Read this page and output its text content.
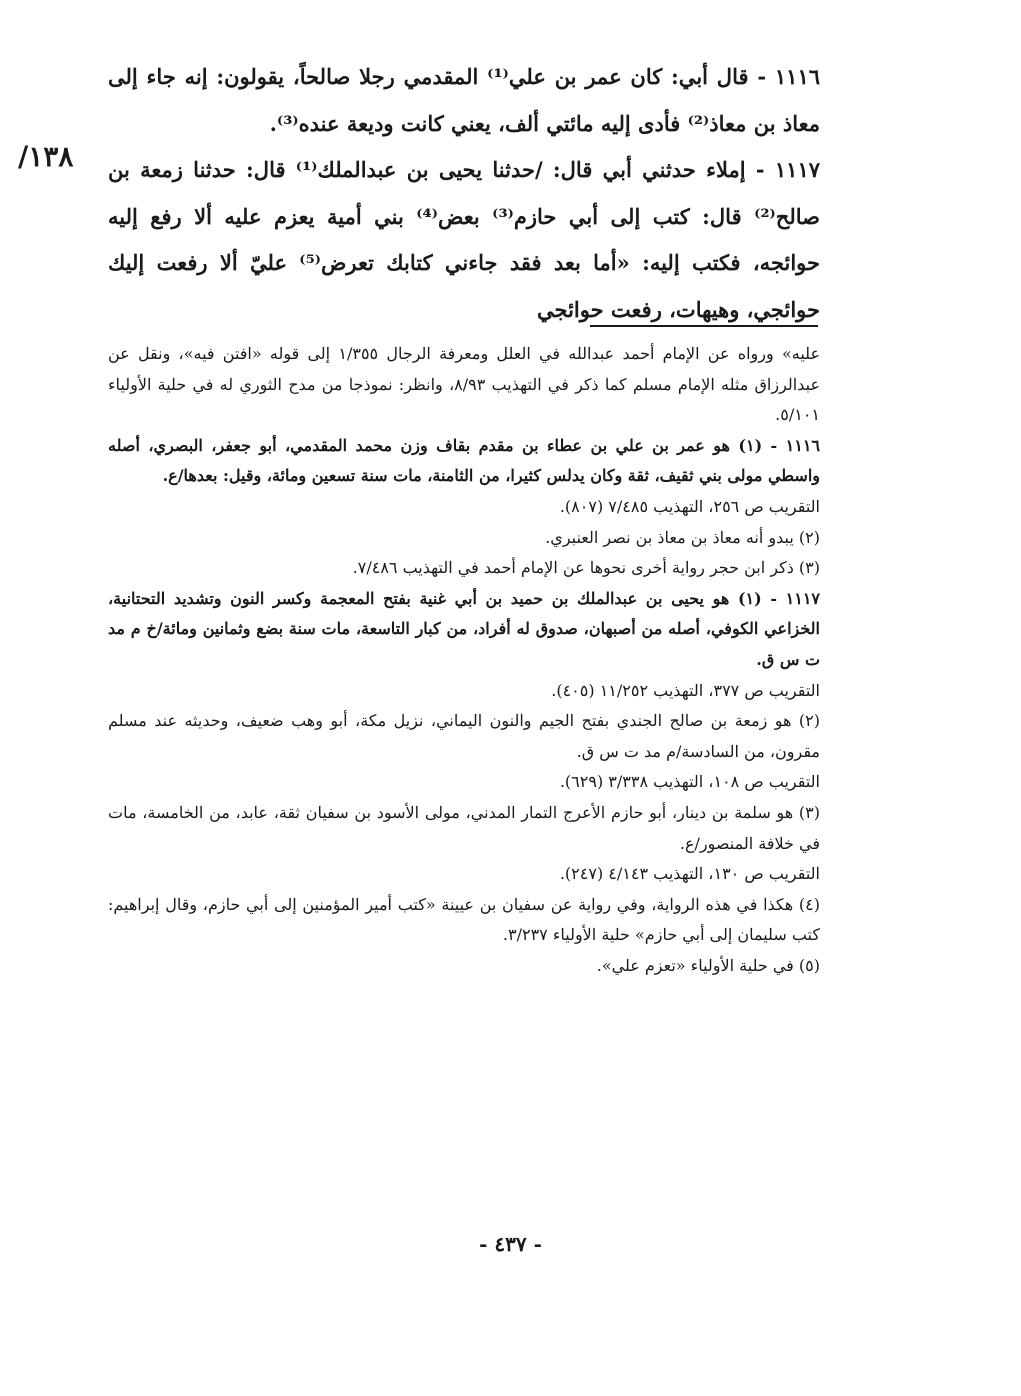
١٣٨/

١١١٦ - قال أبي: كان عمر بن علي⁽¹⁾ المقدمي رجلا صالحاً، يقولون: إنه جاء إلى معاذ بن معاذ⁽²⁾ فأدى إليه مائتي ألف، يعني كانت وديعة عنده⁽³⁾.

١١١٧ - إملاء حدثني أبي قال: /حدثنا يحيى بن عبدالملك⁽¹⁾ قال: حدثنا زمعة بن صالح⁽²⁾ قال: كتب إلى أبي حازم⁽³⁾ بعض⁽⁴⁾ بني أمية يعزم عليه ألا رفع إليه حوائجه، فكتب إليه: «أما بعد فقد جاءني كتابك تعرض⁽⁵⁾ عليّ ألا رفعت إليك حوائجي، وهيهات، رفعت حوائجي

عليه» ورواه عن الإمام أحمد عبدالله في العلل ومعرفة الرجال ١/٣٥٥ إلى قوله «افتن فيه»، ونقل عن عبدالرزاق مثله الإمام مسلم كما ذكر في التهذيب ٨/٩٣، وانظر: نموذجا من مدح الثوري له في حلية الأولياء ٥/١٠١.

١١١٦ - (١) هو عمر بن علي بن عطاء بن مقدم بقاف وزن محمد المقدمي، أبو جعفر، البصري، أصله واسطي مولى بني ثقيف، ثقة وكان يدلس كثيرا، من الثامنة، مات سنة تسعين ومائة، وقيل: بعدها/ع.

التقريب ص ٢٥٦، التهذيب ٧/٤٨٥ (٨٠٧).

(٢) يبدو أنه معاذ بن معاذ بن نصر العنبري.

(٣) ذكر ابن حجر رواية أخرى نحوها عن الإمام أحمد في التهذيب ٧/٤٨٦.

١١١٧ - (١) هو يحيى بن عبدالملك بن حميد بن أبي غنية بفتح المعجمة وكسر النون وتشديد التحتانية، الخزاعي الكوفي، أصله من أصبهان، صدوق له أفراد، من كبار التاسعة، مات سنة بضع وثمانين ومائة/خ م مد ت س ق.

التقريب ص ٣٧٧، التهذيب ١١/٢٥٢ (٤٠٥).

(٢) هو زمعة بن صالح الجندي بفتح الجيم والنون اليماني، نزيل مكة، أبو وهب ضعيف، وحديثه عند مسلم مقرون، من السادسة/م مد ت س ق.

التقريب ص ١٠٨، التهذيب ٣/٣٣٨ (٦٢٩).

(٣) هو سلمة بن دينار، أبو حازم الأعرج التمار المدني، مولى الأسود بن سفيان ثقة، عابد، من الخامسة، مات في خلافة المنصور/ع.

التقريب ص ١٣٠، التهذيب ٤/١٤٣ (٢٤٧).

(٤) هكذا في هذه الرواية، وفي رواية عن سفيان بن عيينة «كتب أمير المؤمنين إلى أبي حازم، وقال إبراهيم: كتب سليمان إلى أبي حازم» حلية الأولياء ٣/٢٣٧.

(٥) في حلية الأولياء «تعزم علي».

- ٤٣٧ -
